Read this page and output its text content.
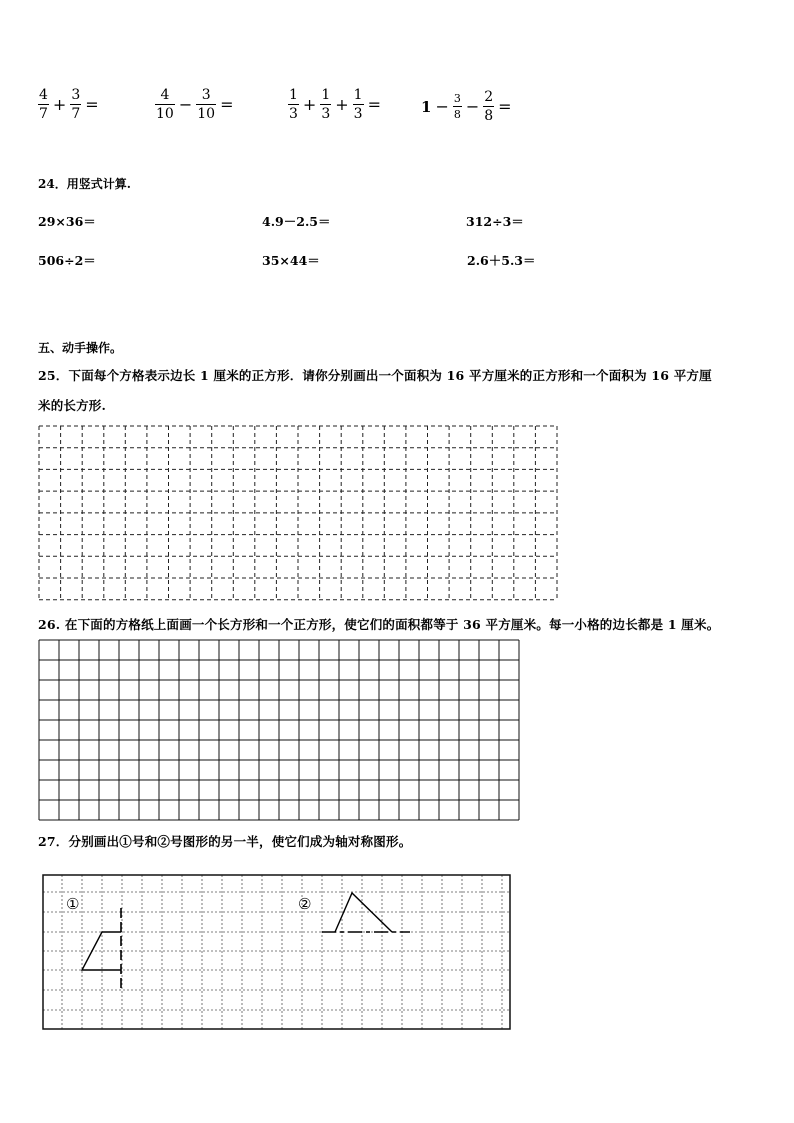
$\frac{4}{7} + \frac{3}{7}$ =	$\frac{4}{10} - \frac{3}{10}$ =	$\frac{1}{3} + \frac{1}{3} + \frac{1}{3}$ =	$1 - \frac{3}{8} - \frac{2}{8}$ =
24．用竖式计算.
29×36＝	4.9－2.5＝	312÷3＝
506÷2＝	35×44＝	2.6＋5.3＝
五、动手操作。
25．下面每个方格表示边长 1 厘米的正方形．请你分别画出一个面积为 16 平方厘米的正方形和一个面积为 16 平方厘
米的长方形.
26. 在下面的方格纸上面画一个长方形和一个正方形，使它们的面积都等于 36 平方厘米。每一小格的边长都是 1 厘米。
27．分别画出①号和②号图形的另一半，使它们成为轴对称图形。
①	②
